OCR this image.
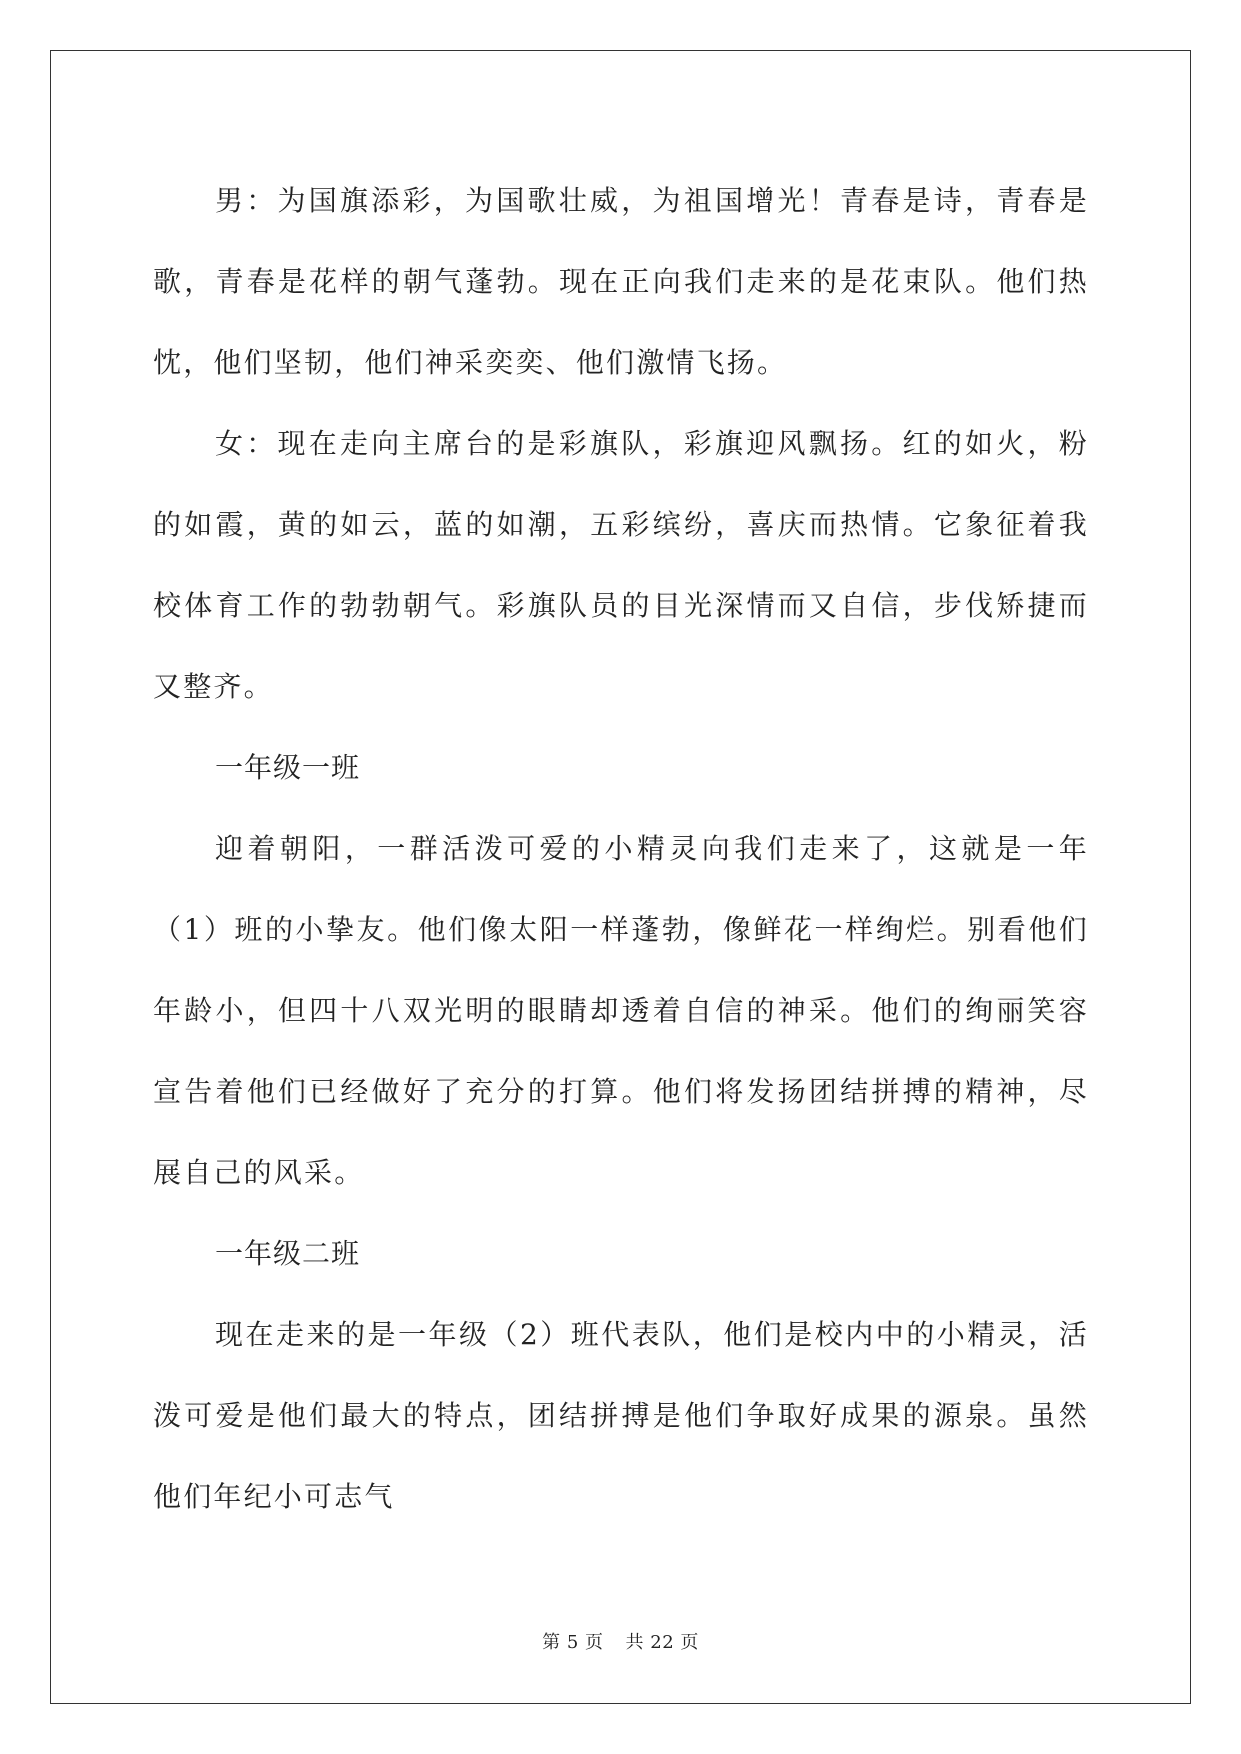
男：为国旗添彩，为国歌壮威，为祖国增光！青春是诗，青春是歌，青春是花样的朝气蓬勃。现在正向我们走来的是花束队。他们热忱，他们坚韧，他们神采奕奕、他们激情飞扬。

女：现在走向主席台的是彩旗队，彩旗迎风飘扬。红的如火，粉的如霞，黄的如云，蓝的如潮，五彩缤纷，喜庆而热情。它象征着我校体育工作的勃勃朝气。彩旗队员的目光深情而又自信，步伐矫捷而又整齐。

一年级一班

迎着朝阳，一群活泼可爱的小精灵向我们走来了，这就是一年（1）班的小挚友。他们像太阳一样蓬勃，像鲜花一样绚烂。别看他们年龄小，但四十八双光明的眼睛却透着自信的神采。他们的绚丽笑容宣告着他们已经做好了充分的打算。他们将发扬团结拼搏的精神，尽展自己的风采。

一年级二班

现在走来的是一年级（2）班代表队，他们是校内中的小精灵，活泼可爱是他们最大的特点，团结拼搏是他们争取好成果的源泉。虽然他们年纪小可志气

第 5 页 共 22 页
